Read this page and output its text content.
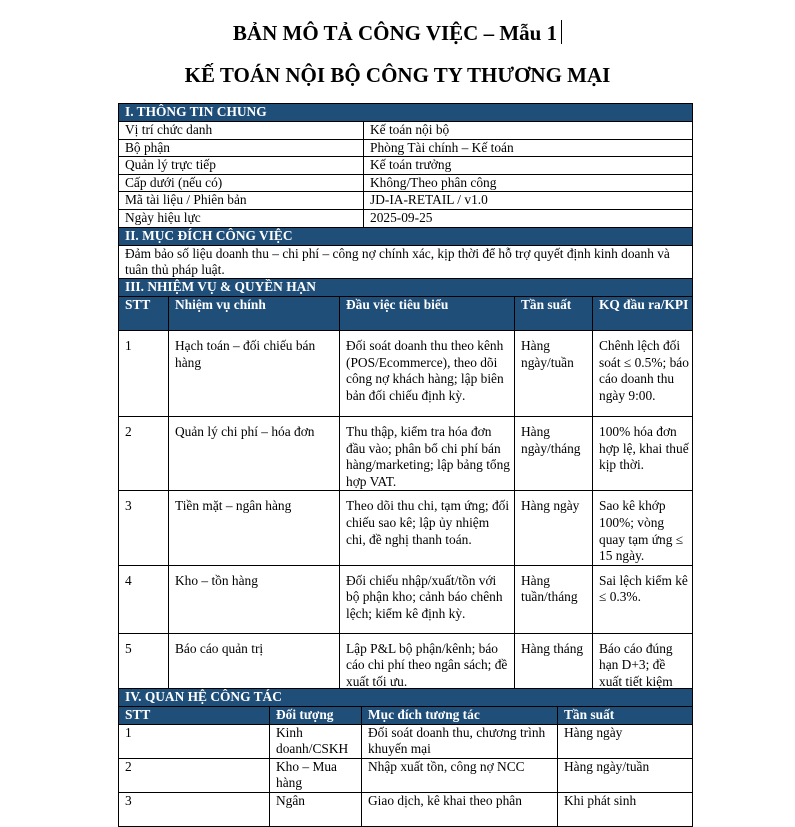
BẢN MÔ TẢ CÔNG VIỆC – Mẫu 1
KẾ TOÁN NỘI BỘ CÔNG TY THƯƠNG MẠI
I. THÔNG TIN CHUNG	
Vị trí chức danh	Kế toán nội bộ
Bộ phận	Phòng Tài chính – Kế toán
Quản lý trực tiếp	Kế toán trưởng
Cấp dưới (nếu có)	Không/Theo phân công
Mã tài liệu / Phiên bản	JD-IA-RETAIL / v1.0
Ngày hiệu lực	2025-09-25
II. MỤC ĐÍCH CÔNG VIỆC	
Đảm bảo số liệu doanh thu – chi phí – công nợ chính xác, kịp thời để hỗ trợ quyết định kinh doanh và tuân thủ pháp luật.	
III. NHIỆM VỤ & QUYỀN HẠN				
STT	Nhiệm vụ chính	Đầu việc tiêu biểu	Tần suất	KQ đầu ra/KPI
1	Hạch toán – đối chiếu bán hàng	Đối soát doanh thu theo kênh (POS/Ecommerce), theo dõi công nợ khách hàng; lập biên bản đối chiếu định kỳ.	Hàng ngày/tuần	Chênh lệch đối soát ≤ 0.5%; báo cáo doanh thu ngày 9:00.
2	Quản lý chi phí – hóa đơn	Thu thập, kiểm tra hóa đơn đầu vào; phân bổ chi phí bán hàng/marketing; lập bảng tổng hợp VAT.	Hàng ngày/tháng	100% hóa đơn hợp lệ, khai thuế kịp thời.
3	Tiền mặt – ngân hàng	Theo dõi thu chi, tạm ứng; đối chiếu sao kê; lập ủy nhiệm chi, đề nghị thanh toán.	Hàng ngày	Sao kê khớp 100%; vòng quay tạm ứng ≤ 15 ngày.
4	Kho – tồn hàng	Đối chiếu nhập/xuất/tồn với bộ phận kho; cảnh báo chênh lệch; kiểm kê định kỳ.	Hàng tuần/tháng	Sai lệch kiểm kê ≤ 0.3%.
5	Báo cáo quản trị	Lập P&L bộ phận/kênh; báo cáo chi phí theo ngân sách; đề xuất tối ưu.	Hàng tháng	Báo cáo đúng hạn D+3; đề xuất tiết kiệm
IV. QUAN HỆ CÔNG TÁC			
STT	Đối tượng	Mục đích tương tác	Tần suất
1	Kinh doanh/CSKH	Đối soát doanh thu, chương trình khuyến mại	Hàng ngày
2	Kho – Mua hàng	Nhập xuất tồn, công nợ NCC	Hàng ngày/tuần
3	Ngân	Giao dịch, kê khai theo phân	Khi phát sinh
